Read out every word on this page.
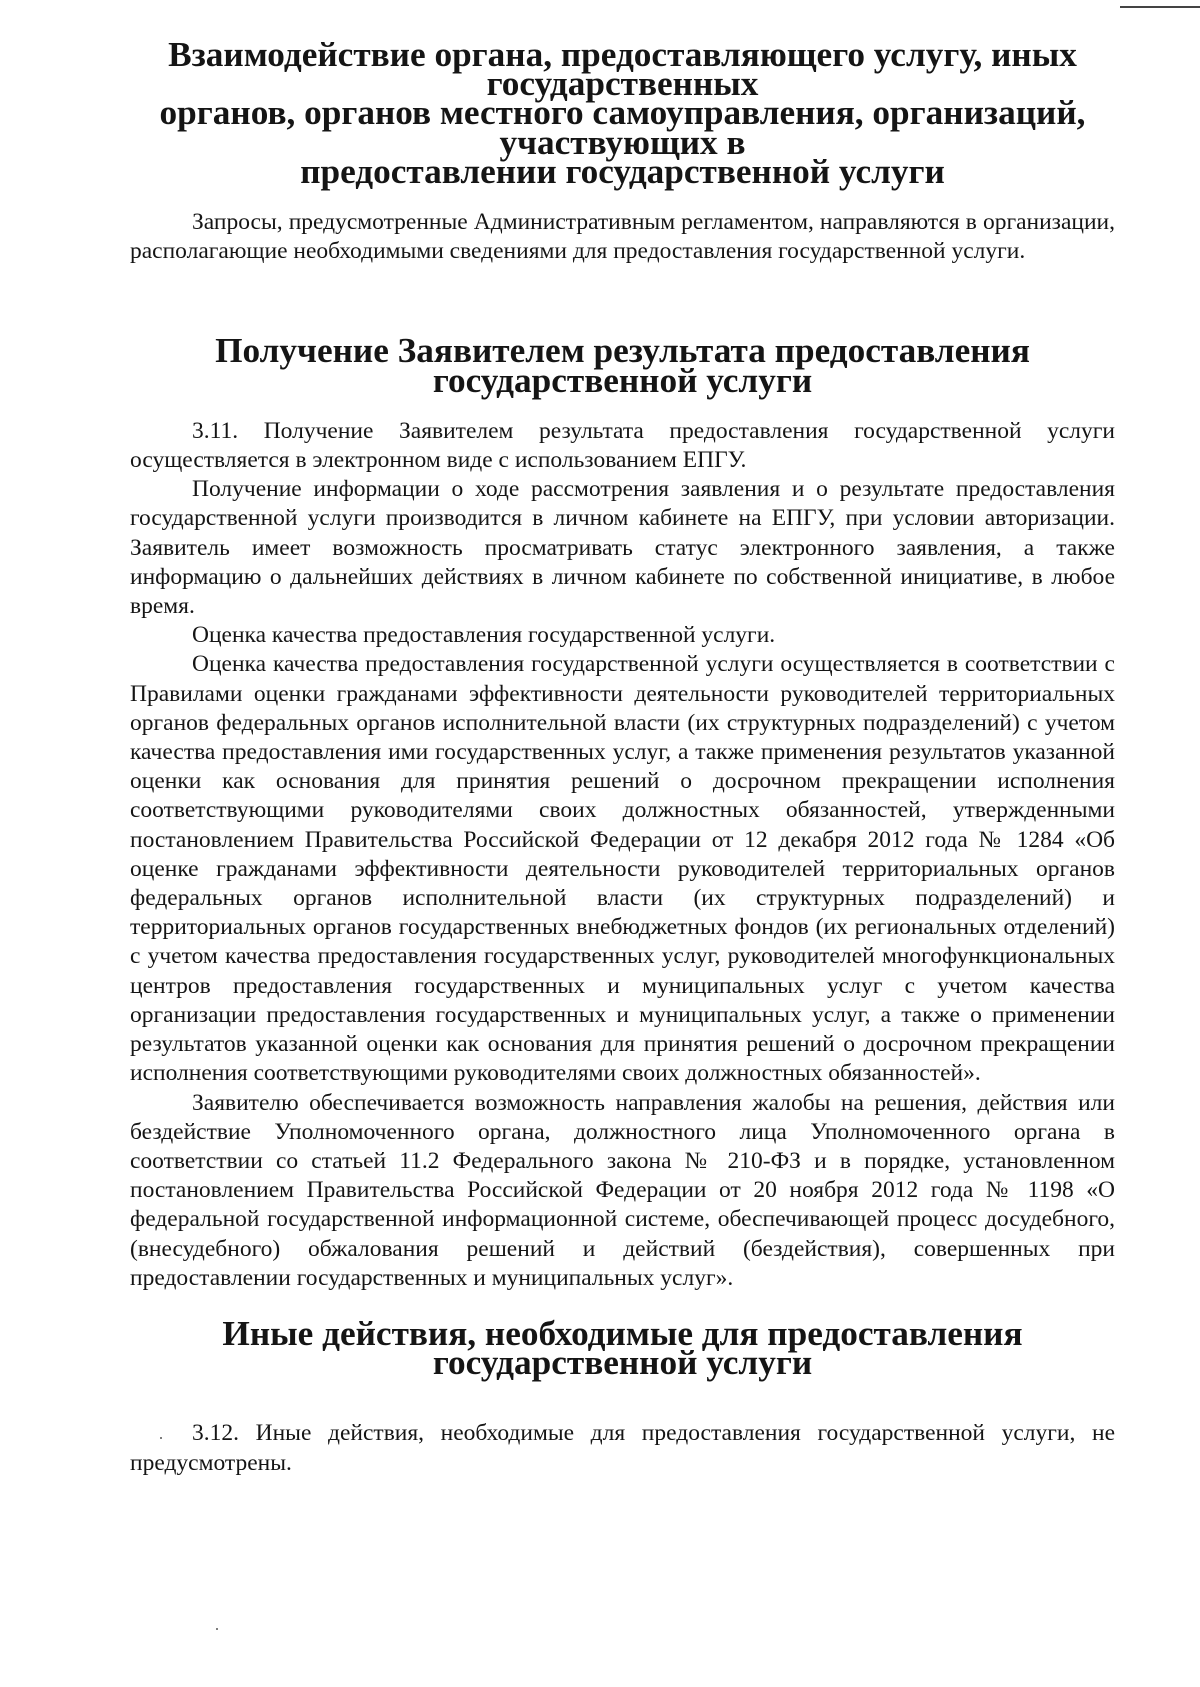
Взаимодействие органа, предоставляющего услугу, иных государственных
органов, органов местного самоуправления, организаций, участвующих в
предоставлении государственной услуги

Запросы, предусмотренные Административным регламентом, направляются в организации, располагающие необходимыми сведениями для предоставления государственной услуги.

Получение Заявителем результата предоставления
государственной услуги

3.11. Получение Заявителем результата предоставления государственной услуги осуществляется в электронном виде с использованием ЕПГУ.

Получение информации о ходе рассмотрения заявления и о результате предоставления государственной услуги производится в личном кабинете на ЕПГУ, при условии авторизации. Заявитель имеет возможность просматривать статус электронного заявления, а также информацию о дальнейших действиях в личном кабинете по собственной инициативе, в любое время.

Оценка качества предоставления государственной услуги.

Оценка качества предоставления государственной услуги осуществляется в соответствии с Правилами оценки гражданами эффективности деятельности руководителей территориальных органов федеральных органов исполнительной власти (их структурных подразделений) с учетом качества предоставления ими государственных услуг, а также применения результатов указанной оценки как основания для принятия решений о досрочном прекращении исполнения соответствующими руководителями своих должностных обязанностей, утвержденными постановлением Правительства Российской Федерации от 12 декабря 2012 года № 1284 «Об оценке гражданами эффективности деятельности руководителей территориальных органов федеральных органов исполнительной власти (их структурных подразделений) и территориальных органов государственных внебюджетных фондов (их региональных отделений) с учетом качества предоставления государственных услуг, руководителей многофункциональных центров предоставления государственных и муниципальных услуг с учетом качества организации предоставления государственных и муниципальных услуг, а также о применении результатов указанной оценки как основания для принятия решений о досрочном прекращении исполнения соответствующими руководителями своих должностных обязанностей».

Заявителю обеспечивается возможность направления жалобы на решения, действия или бездействие Уполномоченного органа, должностного лица Уполномоченного органа в соответствии со статьей 11.2 Федерального закона № 210-ФЗ и в порядке, установленном постановлением Правительства Российской Федерации от 20 ноября 2012 года № 1198 «О федеральной государственной информационной системе, обеспечивающей процесс досудебного, (внесудебного) обжалования решений и действий (бездействия), совершенных при предоставлении государственных и муниципальных услуг».

Иные действия, необходимые для предоставления
государственной услуги

3.12. Иные действия, необходимые для предоставления государственной услуги, не предусмотрены.
